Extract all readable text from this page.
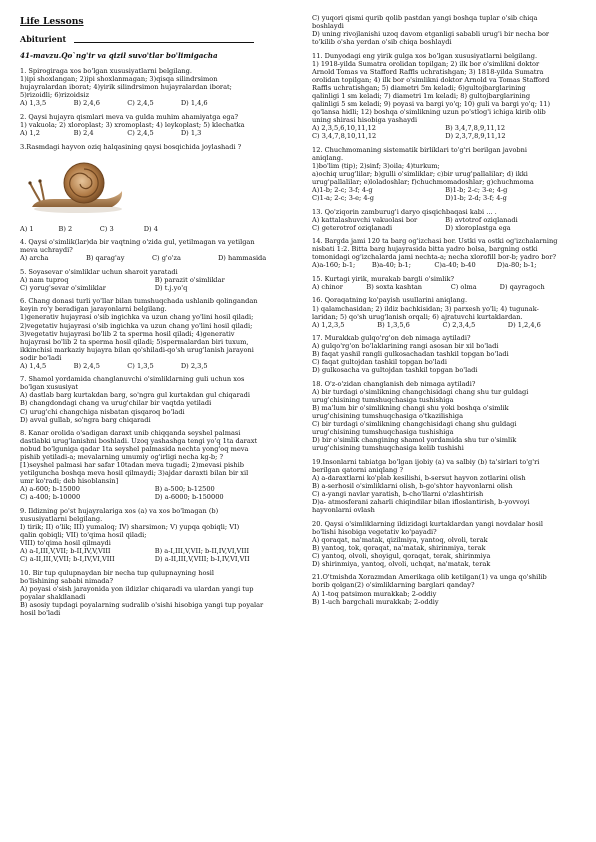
Life Lessons
Abiturient
41-mavzu.Qo`ng'ir va qizil suvo'tlar bo'limigacha

1. Spirogiraga xos bo'lgan xususiyatlarni belgilang.

1)ipi shoxlangan; 2)ipi shoxlanmagan; 3)qisqa silindrsimon

hujayralardan iborat; 4)yirik silindrsimon hujayralardan iborat;

5)rizoidli; 6)rizoidsiz

A) 1,3,5	B) 2,4,6	C) 2,4,5	D) 1,4,6

2. Qaysi hujayra qismlari meva va gulda muhim ahamiyatga ega?

1) vakuola; 2) xloroplast; 3) xromoplast; 4) leykoplast; 5) klechatka

A) 1,2	B) 2,4	C) 2,4,5	D) 1,3

3.Rasmdagi hayvon oziq halqasining qaysi bosqichida joylashadi ?

A) 1	B) 2	C) 3	D) 4

4. Qaysi o'simlik(lar)da bir vaqtning o'zida gul, yetilmagan va yetilgan

meva uchraydi?

A) archa	B) qarag'ay	C) g'o'za	D) hammasida

5. Soyasevar o'simliklar uchun sharoit yaratadi

A) nam tuproq	B) parazit o'simliklar
C) yorug'sevar o'simliklar	D) t.j.yo'q

6. Chang donasi turli yo'llar bilan tumshuqchada ushlanib qolingandan

keyin ro'y beradigan jarayonlarni belgilang.

1)generativ hujayrasi o'sib ingichka va uzun chang yo'lini hosil qiladi;

2)vegetativ hujayrasi o'sib ingichka va uzun chang yo'lini hosil qiladi;

3)vegetativ hujayrasi bo'lib 2 ta sperma hosil qiladi; 4)generativ

hujayrasi bo'lib 2 ta sperma hosil qiladi; 5)spermalardan biri tuxum,

ikkinchisi markaziy hujayra bilan qo'shiladi-qo'sh urug'lanish jarayoni

sodir bo'ladi

A) 1,4,5	B) 2,4,5	C) 1,3,5	D) 2,3,5

7. Shamol yordamida changlanuvchi o'simliklarning guli uchun xos

bo'lgan xususiyat

A) dastlab barg kurtakdan barg, so'ngra gul kurtakdan gul chiqaradi

B) changdondagi chang va urug'chilar bir vaqtda yetiladi

C) urug'chi changchiga nisbatan qisqaroq bo'ladi

D) avval gullab, so'ngra barg chiqaradi

8. Kanar orolida o'sadigan daraxt unib chiqqanda seyshel palmasi

dastlabki urug'lanishni boshladi. Uzoq yashashga tengi yo'q 1ta daraxt

nobud bo'lguniga qadar 1ta seyshel palmasida nechta yong'oq meva

pishib yetiladi-a; mevalarning umumiy og'irligi necha kg-b; ?

[1)seyshel palmasi har safar 10tadan meva tugadi; 2)mevasi pishib

yetilguncha boshqa meva hosil qilmaydi; 3)ajdar daraxti bilan bir xil

umr ko'radi; deb hisoblansin]

A) a-600; b-15000	B) a-500; b-12500
C) a-400; b-10000	D) a-6000; b-150000

9. Ildizning po'st hujayralariga xos (a) va xos bo'lmagan (b)

xususiyatlarni belgilang.

I) tirik; II) o'lik; III) yumaloq; IV) sharsimon; V) yupqa qobiqli; VI)

qalin qobiqli; VII) to'qima hosil qiladi;

VIII) to'qima hosil qilmaydi

A) a-I,III,V,VII; b-II,IV,V,VIII	B) a-I,III,V,VII; b-II,IV,VI,VIII
C) a-II,III,V,VII; b-I,IV,VI,VIII	D) a-II,III,V,VIII; b-I,IV,VI,VII

10. Bir tup qulupnaydan bir necha tup qulupnayning hosil

bo'lishining sababi nimada?

A) poyasi o'sish jarayonida yon ildizlar chiqaradi va ulardan yangi tup

poyalar shakllanadi

B) asosiy tupdagi poyalarning sudralib o'sishi hisobiga yangi tup poyalar

hosil bo'ladi

C) yuqori qismi qurib qolib pastdan yangi boshqa tuplar o'sib chiqa

boshlaydi

D) uning rivojlanishi uzoq davom etganligi sababli urug'i bir necha bor

to'kilib o'sha yerdan o'sib chiqa boshlaydi

11. Dunyodagi eng yirik gulga xos bo'lgan xususiyatlarni belgilang.

1) 1918-yilda Sumatra orolidan topilgan; 2) ilk bor o'simlikni doktor

Arnold Tomas va Stafford Raffls uchratishgan; 3) 1818-yilda Sumatra

orolidan topilgan; 4) ilk bor o'simlikni doktor Arnold va Tomas Stafford

Raffls uchratishgan; 5) diametri 5m keladi; 6)gultojbarglarining

qalinligi 1 sm keladi; 7) diametri 1m keladi; 8) gultojbarglarining

qalinligi 5 sm keladi; 9) poyasi va bargi yo'q; 10) guli va bargi yo'q; 11)

qo'lansa hidli; 12) boshqa o'simlikning uzun po'stlog'i ichiga kirib olib

uning shirasi hisobiga yashaydi

A) 2,3,5,6,10,11,12	B) 3,4,7,8,9,11,12
C) 3,4,7,8,10,11,12	D) 2,3,7,8,9,11,12

12. Chuchmomaning sistematik birliklari to'g'ri berilgan javobni

aniqlang.

1)bo'lim (tip); 2)sinf; 3)oila; 4)turkum;

a)ochiq urug'lilar; b)gulli o'simliklar; c)bir urug'pallalilar; d) ikki

urug'pallalilar; e)loladoshlar; f)chuchmomadoshlar; g)chuchmoma

A)1-b; 2-c; 3-f; 4-g	B)1-b; 2-c; 3-e; 4-g
C)1-a; 2-c; 3-e; 4-g	D)1-b; 2-d; 3-f; 4-g

13. Qo'ziqorin zamburug'i daryo qisqichbaqasi kabi ... .

A) kattalashuvchi vakuolasi bor	B) avtotrof oziqlanadi
C) geterotrof oziqlanadi	D) xloroplastga ega

14. Bargda jami 120 ta barg og'izchasi bor. Ustki va ostki og'izchalarning

nisbati 1:2. Bitta barg hujayrasida bitta yadro bolsa, bargning ostki

tomonidagi og'izchalarda jami nechta-a; necha xlorofill bor-b; yadro bor?

A)a-160; b-1;	B)a-40; b-1;	C)a-40; b-40	D)a-80; b-1;

15. Kurtagi yirik, murakab bargli o'simlik?

A) chinor	B) soxta kashtan	C) olma	D) qayragoch

16. Qoraqatning ko'payish usullarini aniqlang.

1) qalamchasidan; 2) ildiz bachkisidan; 3) parxesh yo'li; 4) tugunak-

laridan; 5) qo'sh urug'lanish orqali; 6) ajratuvchi kurtaklardan.

A) 1,2,3,5	B) 1,3,5,6	C) 2,3,4,5	D) 1,2,4,6

17. Murakkab gulqo'rg'on deb nimaga aytiladi?

A) gulqo'rg'on bo'laklarining rangi asosan bir xil bo'ladi

B) faqat yashil rangli gulkosachadan tashkil topgan bo'ladi

C) faqat gultojdan tashkil topgan bo'ladi

D) gulkosacha va gultojdan tashkil topgan bo'ladi

18. O'z-o'zidan changlanish deb nimaga aytiladi?

A) bir turdagi o'simlikning changchisidagi chang shu tur guldagi

urug'chisining tumshuqchasiga tushishiga

B) ma'lum bir o'simlikning changi shu yoki boshqa o'simlik

urug'chisining tumshuqchasiga o'tkazilishiga

C) bir turdagi o'simlikning changchisidagi chang shu guldagi

urug'chisining tumshuqchasiga tushishiga

D) bir o'simlik changining shamol yordamida shu tur o'simlik

urug'chisining tumshuqchasiga kelib tushishi

19.Insonlarni tabiatga bo'lgan ijobiy (a) va salbiy (b) ta'sirlari to'g'ri

berilgan qatorni aniqlang ?

A) a-daraxtlarni ko'plab kesilishi, b-sersut hayvon zotlarini olish

B) a-serhosil o'simliklarni olish, b-go'shtor hayvonlarni olish

C) a-yangi navlar yaratish, b-cho'llarni o'zlashtirish

D)a- atmosferani zaharli chiqindilar bilan ifloslantirish, b-yovvoyi

hayvonlarni ovlash

20. Qaysi o'simliklarning ildizidagi kurtaklardan yangi novdalar hosil

bo'lishi hisobiga vegetativ ko'payadi?

A) qoraqat, na'matak, qizilmiya, yantoq, olvoli, terak

B) yantoq, tok, qoraqat, na'matak, shirinmiya, terak

C) yantoq, olvoli, shoyigul, qoraqat, terak, shirinmiya

D) shirinmiya, yantoq, olvoli, uchqat, na'matak, terak

21.O'tmishda Xorazmdan Amerikaga olib ketilgan(1) va unga qo'shilib

borib qolgan(2) o'simliklarning barglari qanday?

A) 1-toq patsimon murakkab; 2-oddiy

B) 1-uch bargchali murakkab; 2-oddiy
